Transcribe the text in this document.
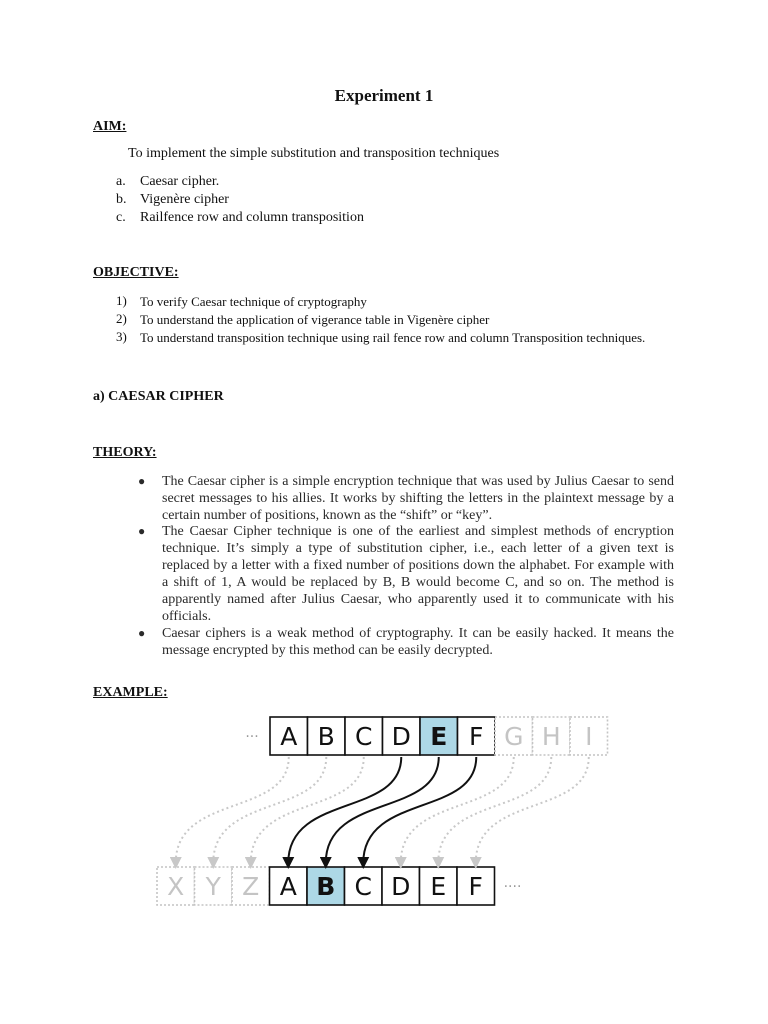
Experiment 1
AIM:
To implement the simple substitution and transposition techniques
a. Caesar cipher.
b. Vigenère cipher
c. Railfence row and column transposition
OBJECTIVE:
1) To verify Caesar technique of cryptography
2) To understand the application of vigerance table in Vigenère cipher
3) To understand transposition technique using rail fence row and column Transposition techniques.
a) CAESAR CIPHER
THEORY:
● The Caesar cipher is a simple encryption technique that was used by Julius Caesar to send secret messages to his allies. It works by shifting the letters in the plaintext message by a certain number of positions, known as the “shift” or “key”.
● The Caesar Cipher technique is one of the earliest and simplest methods of encryption technique. It’s simply a type of substitution cipher, i.e., each letter of a given text is replaced by a letter with a fixed number of positions down the alphabet. For example with a shift of 1, A would be replaced by B, B would become C, and so on. The method is apparently named after Julius Caesar, who apparently used it to communicate with his officials.
● Caesar ciphers is a weak method of cryptography. It can be easily hacked. It means the message encrypted by this method can be easily decrypted.
EXAMPLE:
··· A B C D E F G H I
X Y Z A B C D E F ····
